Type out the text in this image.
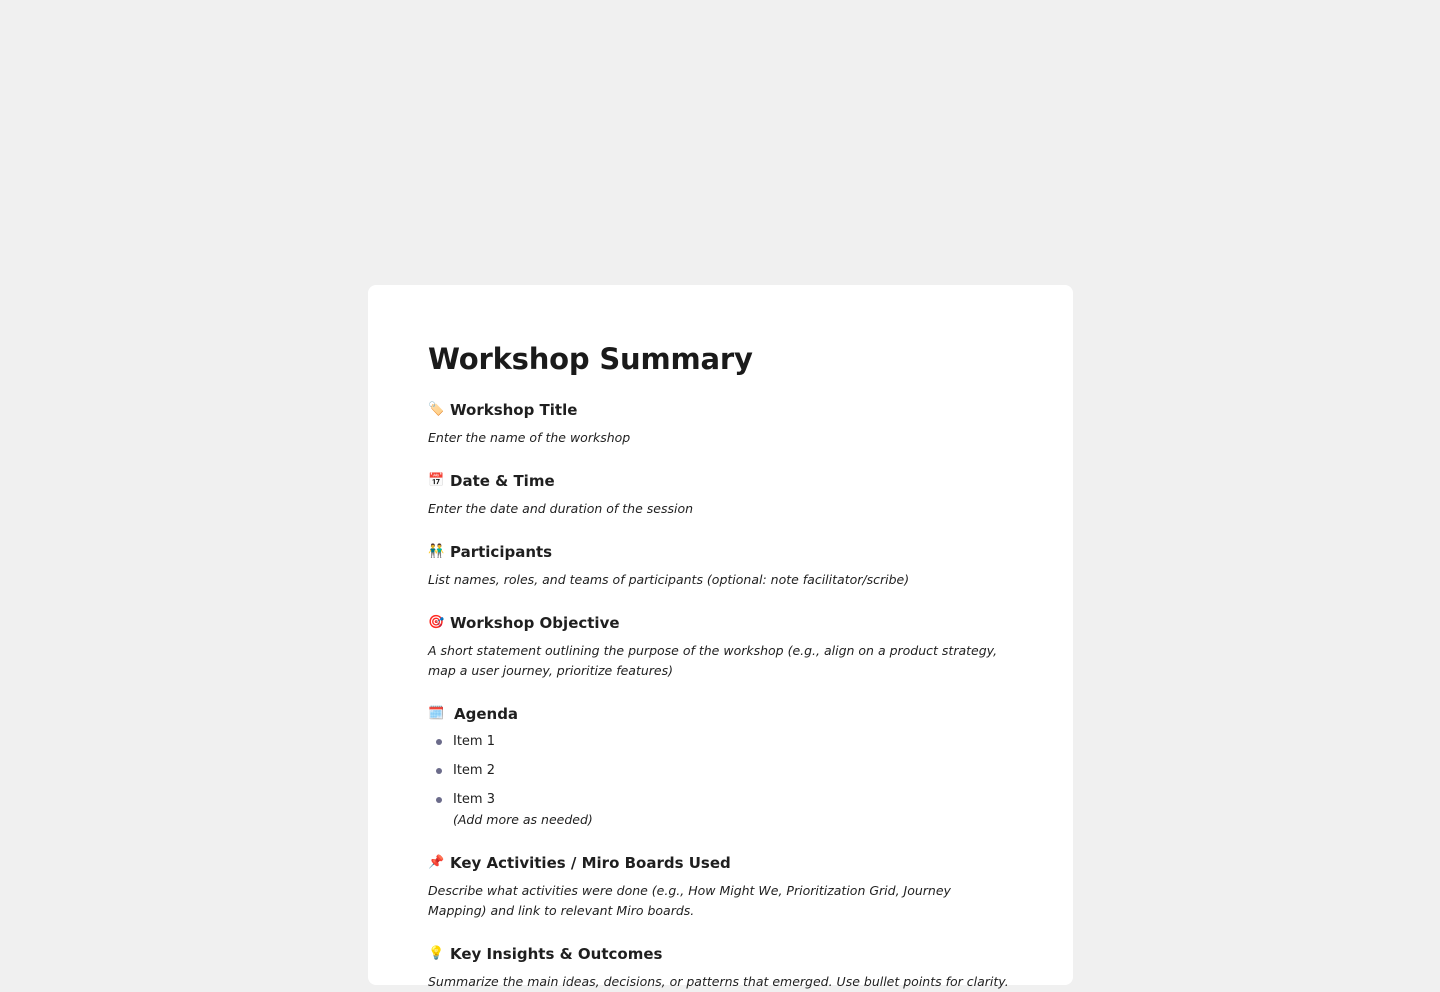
Workshop Summary
🏷️ Workshop Title

Enter the name of the workshop

📅 Date & Time

Enter the date and duration of the session

👬 Participants

List names, roles, and teams of participants (optional: note facilitator/scribe)

🎯 Workshop Objective

A short statement outlining the purpose of the workshop (e.g., align on a product strategy, map a user journey, prioritize features)

🗓️ Agenda
Item 1
Item 2
Item 3
(Add more as needed)
📌 Key Activities / Miro Boards Used

Describe what activities were done (e.g., How Might We, Prioritization Grid, Journey Mapping) and link to relevant Miro boards.

💡 Key Insights & Outcomes

Summarize the main ideas, decisions, or patterns that emerged. Use bullet points for clarity.
